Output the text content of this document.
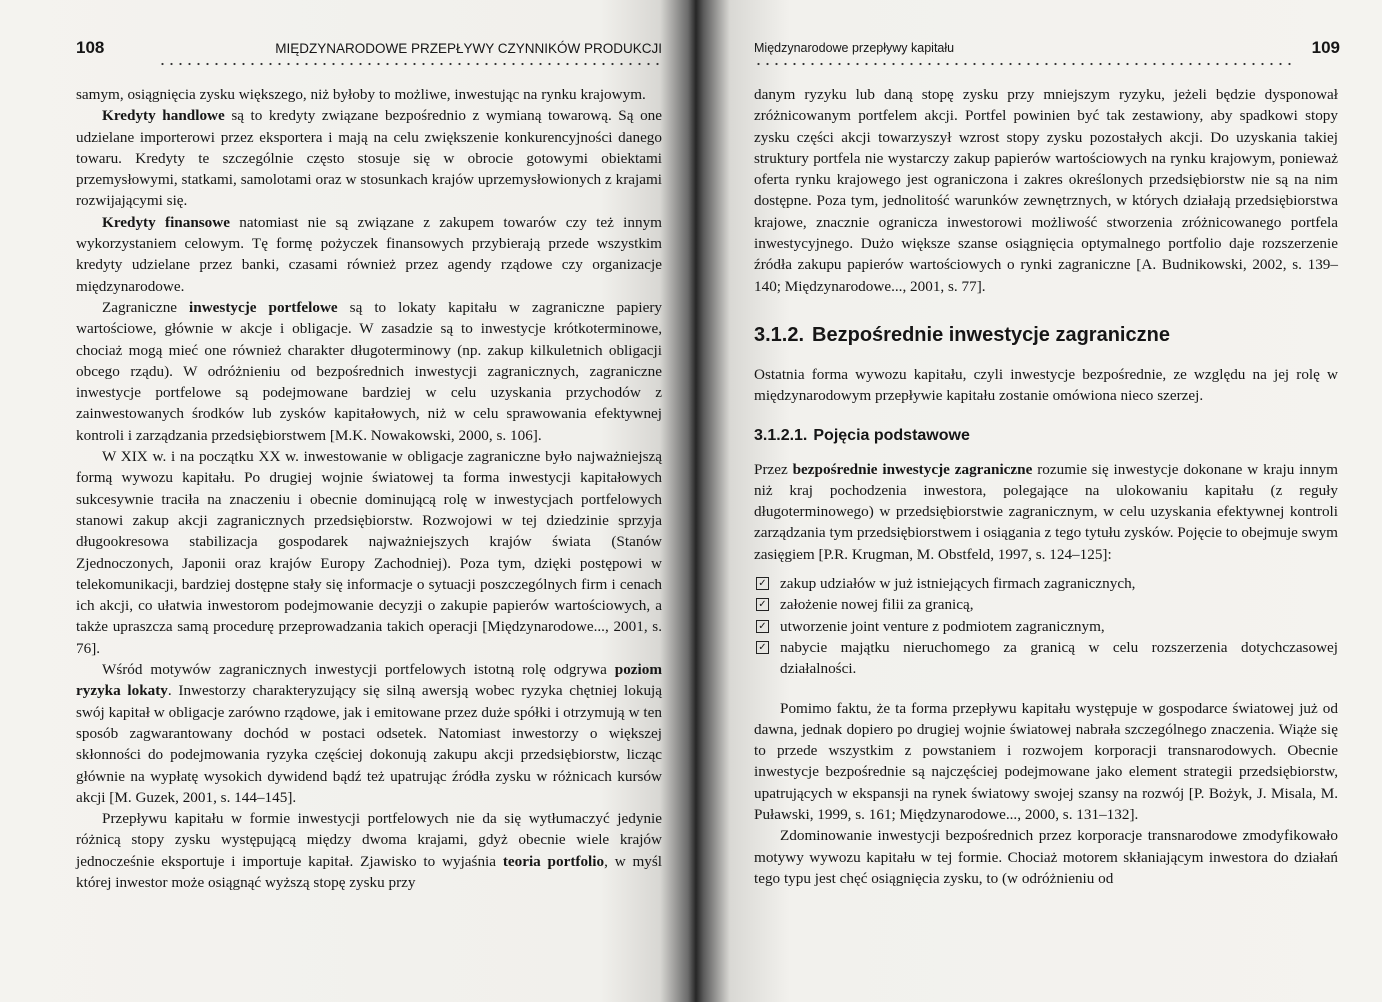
108	MIĘDZYNARODOWE PRZEPŁYWY CZYNNIKÓW PRODUKCJI

samym, osiągnięcia zysku większego, niż byłoby to możliwe, inwestując na rynku krajowym.

Kredyty handlowe są to kredyty związane bezpośrednio z wymianą towarową. Są one udzielane importerowi przez eksportera i mają na celu zwiększenie konkurencyjności danego towaru. Kredyty te szczególnie często stosuje się w obrocie gotowymi obiektami przemysłowymi, statkami, samolotami oraz w stosunkach krajów uprzemysłowionych z krajami rozwijającymi się.

Kredyty finansowe natomiast nie są związane z zakupem towarów czy też innym wykorzystaniem celowym. Tę formę pożyczek finansowych przybierają przede wszystkim kredyty udzielane przez banki, czasami również przez agendy rządowe czy organizacje międzynarodowe.

Zagraniczne inwestycje portfelowe są to lokaty kapitału w zagraniczne papiery wartościowe, głównie w akcje i obligacje. W zasadzie są to inwestycje krótkoterminowe, chociaż mogą mieć one również charakter długoterminowy (np. zakup kilkuletnich obligacji obcego rządu). W odróżnieniu od bezpośrednich inwestycji zagranicznych, zagraniczne inwestycje portfelowe są podejmowane bardziej w celu uzyskania przychodów z zainwestowanych środków lub zysków kapitałowych, niż w celu sprawowania efektywnej kontroli i zarządzania przedsiębiorstwem [M.K. Nowakowski, 2000, s. 106].

W XIX w. i na początku XX w. inwestowanie w obligacje zagraniczne było najważniejszą formą wywozu kapitału. Po drugiej wojnie światowej ta forma inwestycji kapitałowych sukcesywnie traciła na znaczeniu i obecnie dominującą rolę w inwestycjach portfelowych stanowi zakup akcji zagranicznych przedsiębiorstw. Rozwojowi w tej dziedzinie sprzyja długookresowa stabilizacja gospodarek najważniejszych krajów świata (Stanów Zjednoczonych, Japonii oraz krajów Europy Zachodniej). Poza tym, dzięki postępowi w telekomunikacji, bardziej dostępne stały się informacje o sytuacji poszczególnych firm i cenach ich akcji, co ułatwia inwestorom podejmowanie decyzji o zakupie papierów wartościowych, a także upraszcza samą procedurę przeprowadzania takich operacji [Międzynarodowe..., 2001, s. 76].

Wśród motywów zagranicznych inwestycji portfelowych istotną rolę odgrywa poziom ryzyka lokaty. Inwestorzy charakteryzujący się silną awersją wobec ryzyka chętniej lokują swój kapitał w obligacje zarówno rządowe, jak i emitowane przez duże spółki i otrzymują w ten sposób zagwarantowany dochód w postaci odsetek. Natomiast inwestorzy o większej skłonności do podejmowania ryzyka częściej dokonują zakupu akcji przedsiębiorstw, licząc głównie na wypłatę wysokich dywidend bądź też upatrując źródła zysku w różnicach kursów akcji [M. Guzek, 2001, s. 144–145].

Przepływu kapitału w formie inwestycji portfelowych nie da się wytłumaczyć jedynie różnicą stopy zysku występującą między dwoma krajami, gdyż obecnie wiele krajów jednocześnie eksportuje i importuje kapitał. Zjawisko to wyjaśnia teoria portfolio, w myśl której inwestor może osiągnąć wyższą stopę zysku przy

Międzynarodowe przepływy kapitału	109

danym ryzyku lub daną stopę zysku przy mniejszym ryzyku, jeżeli będzie dysponował zróżnicowanym portfelem akcji. Portfel powinien być tak zestawiony, aby spadkowi stopy zysku części akcji towarzyszył wzrost stopy zysku pozostałych akcji. Do uzyskania takiej struktury portfela nie wystarczy zakup papierów wartościowych na rynku krajowym, ponieważ oferta rynku krajowego jest ograniczona i zakres określonych przedsiębiorstw nie są na nim dostępne. Poza tym, jednolitość warunków zewnętrznych, w których działają przedsiębiorstwa krajowe, znacznie ogranicza inwestorowi możliwość stworzenia zróżnicowanego portfela inwestycyjnego. Dużo większe szanse osiągnięcia optymalnego portfolio daje rozszerzenie źródła zakupu papierów wartościowych o rynki zagraniczne [A. Budnikowski, 2002, s. 139–140; Międzynarodowe..., 2001, s. 77].

3.1.2. Bezpośrednie inwestycje zagraniczne

Ostatnia forma wywozu kapitału, czyli inwestycje bezpośrednie, ze względu na jej rolę w międzynarodowym przepływie kapitału zostanie omówiona nieco szerzej.

3.1.2.1. Pojęcia podstawowe

Przez bezpośrednie inwestycje zagraniczne rozumie się inwestycje dokonane w kraju innym niż kraj pochodzenia inwestora, polegające na ulokowaniu kapitału (z reguły długoterminowego) w przedsiębiorstwie zagranicznym, w celu uzyskania efektywnej kontroli zarządzania tym przedsiębiorstwem i osiągania z tego tytułu zysków. Pojęcie to obejmuje swym zasięgiem [P.R. Krugman, M. Obstfeld, 1997, s. 124–125]:

✓ zakup udziałów w już istniejących firmach zagranicznych,
✓ założenie nowej filii za granicą,
✓ utworzenie joint venture z podmiotem zagranicznym,
✓ nabycie majątku nieruchomego za granicą w celu rozszerzenia dotychczasowej działalności.

Pomimo faktu, że ta forma przepływu kapitału występuje w gospodarce światowej już od dawna, jednak dopiero po drugiej wojnie światowej nabrała szczególnego znaczenia. Wiąże się to przede wszystkim z powstaniem i rozwojem korporacji transnarodowych. Obecnie inwestycje bezpośrednie są najczęściej podejmowane jako element strategii przedsiębiorstw, upatrujących w ekspansji na rynek światowy swojej szansy na rozwój [P. Bożyk, J. Misala, M. Puławski, 1999, s. 161; Międzynarodowe..., 2000, s. 131–132].

Zdominowanie inwestycji bezpośrednich przez korporacje transnarodowe zmodyfikowało motywy wywozu kapitału w tej formie. Chociaż motorem skłaniającym inwestora do działań tego typu jest chęć osiągnięcia zysku, to (w odróżnieniu od
